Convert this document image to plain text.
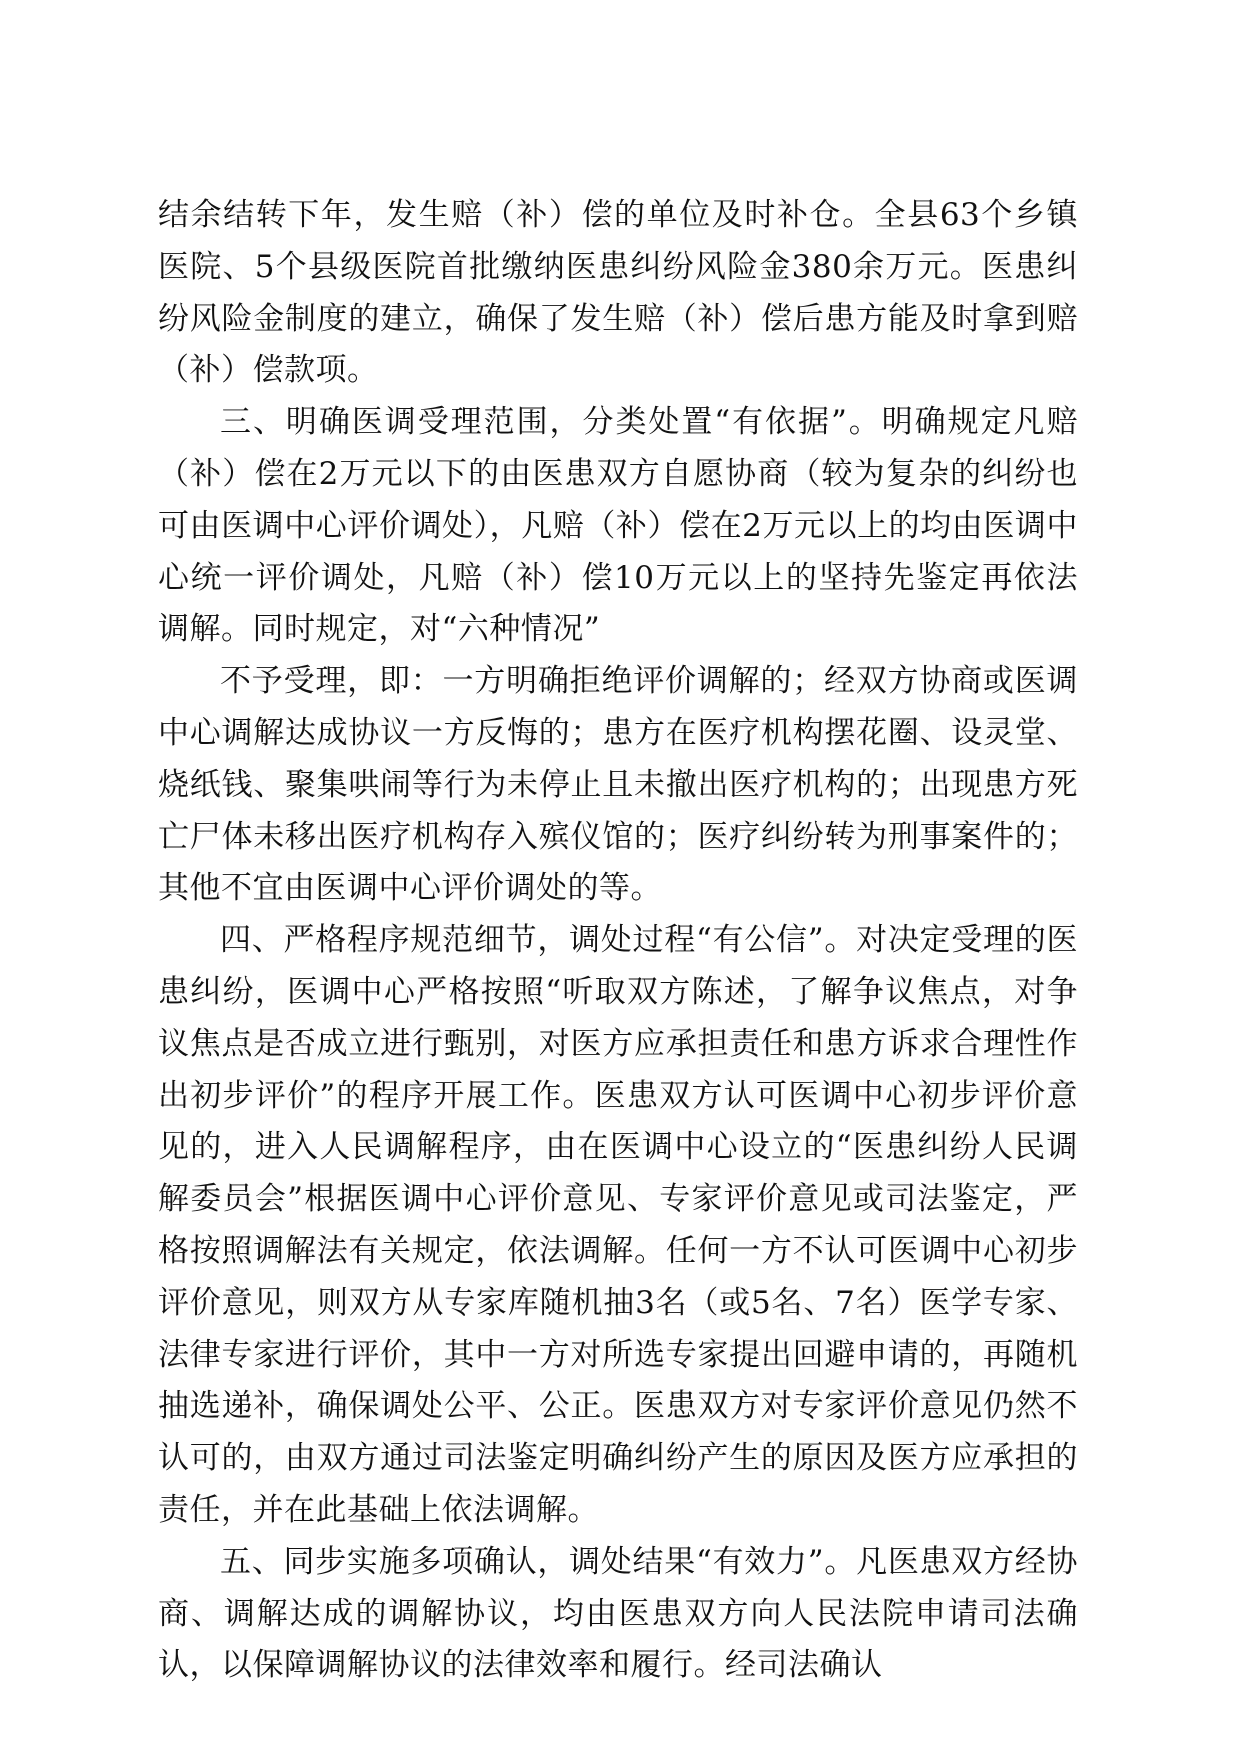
结余结转下年，发生赔（补）偿的单位及时补仓。全县63个乡镇医院、5个县级医院首批缴纳医患纠纷风险金380余万元。医患纠纷风险金制度的建立，确保了发生赔（补）偿后患方能及时拿到赔（补）偿款项。

三、明确医调受理范围，分类处置“有依据”。明确规定凡赔（补）偿在2万元以下的由医患双方自愿协商（较为复杂的纠纷也可由医调中心评价调处），凡赔（补）偿在2万元以上的均由医调中心统一评价调处，凡赔（补）偿10万元以上的坚持先鉴定再依法调解。同时规定，对“六种情况”

不予受理，即：一方明确拒绝评价调解的；经双方协商或医调中心调解达成协议一方反悔的；患方在医疗机构摆花圈、设灵堂、烧纸钱、聚集哄闹等行为未停止且未撤出医疗机构的；出现患方死亡尸体未移出医疗机构存入殡仪馆的；医疗纠纷转为刑事案件的；其他不宜由医调中心评价调处的等。

四、严格程序规范细节，调处过程“有公信”。对决定受理的医患纠纷，医调中心严格按照“听取双方陈述，了解争议焦点，对争议焦点是否成立进行甄别，对医方应承担责任和患方诉求合理性作出初步评价”的程序开展工作。医患双方认可医调中心初步评价意见的，进入人民调解程序，由在医调中心设立的“医患纠纷人民调解委员会”根据医调中心评价意见、专家评价意见或司法鉴定，严格按照调解法有关规定，依法调解。任何一方不认可医调中心初步评价意见，则双方从专家库随机抽3名（或5名、7名）医学专家、法律专家进行评价，其中一方对所选专家提出回避申请的，再随机抽选递补，确保调处公平、公正。医患双方对专家评价意见仍然不认可的，由双方通过司法鉴定明确纠纷产生的原因及医方应承担的责任，并在此基础上依法调解。

五、同步实施多项确认，调处结果“有效力”。凡医患双方经协商、调解达成的调解协议，均由医患双方向人民法院申请司法确认，以保障调解协议的法律效率和履行。经司法确认
